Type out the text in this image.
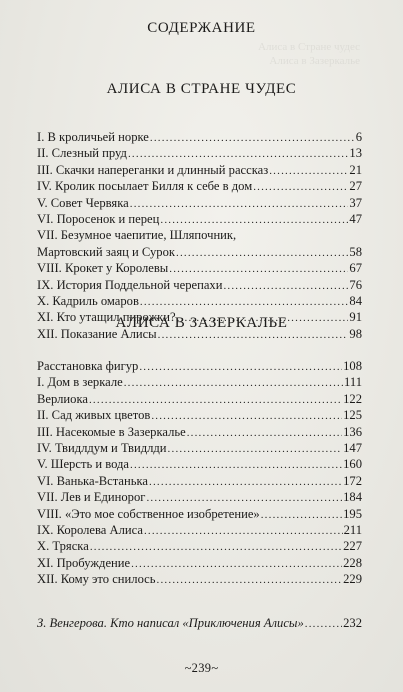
Алиса в Стране чудес
Алиса в Зазеркалье
СОДЕРЖАНИЕ
АЛИСА В СТРАНЕ ЧУДЕС
I. В кроличьей норке .....	6
II. Слезный пруд .....	13
III. Скачки напереганки и длинный рассказ .....	21
IV. Кролик посылает Билля к себе в дом .....	27
V. Совет Червяка .....	37
VI. Поросенок и перец .....	47
VII. Безумное чаепитие, Шляпочник,
Мартовский заяц и Сурок .....	58
VIII. Крокет у Королевы .....	67
IX. История Поддельной черепахи .....	76
X. Кадриль омаров .....	84
XI. Кто утащил пирожки? .....	91
XII. Показание Алисы .....	98
АЛИСА В ЗАЗЕРКАЛЬЕ
Расстановка фигур .....	108
I. Дом в зеркале .....	111
Верлиока .....	122
II. Сад живых цветов .....	125
III. Насекомые в Зазеркалье .....	136
IV. Твидлдум и Твидлди .....	147
V. Шерсть и вода .....	160
VI. Ванька-Встанька .....	172
VII. Лев и Единорог .....	184
VIII. «Это мое собственное изобретение» .....	195
IX. Королева Алиса .....	211
X. Тряска .....	227
XI. Пробуждение .....	228
XII. Кому это снилось .....	229
З. Венгерова. Кто написал «Приключения Алисы» .....	232
~239~
